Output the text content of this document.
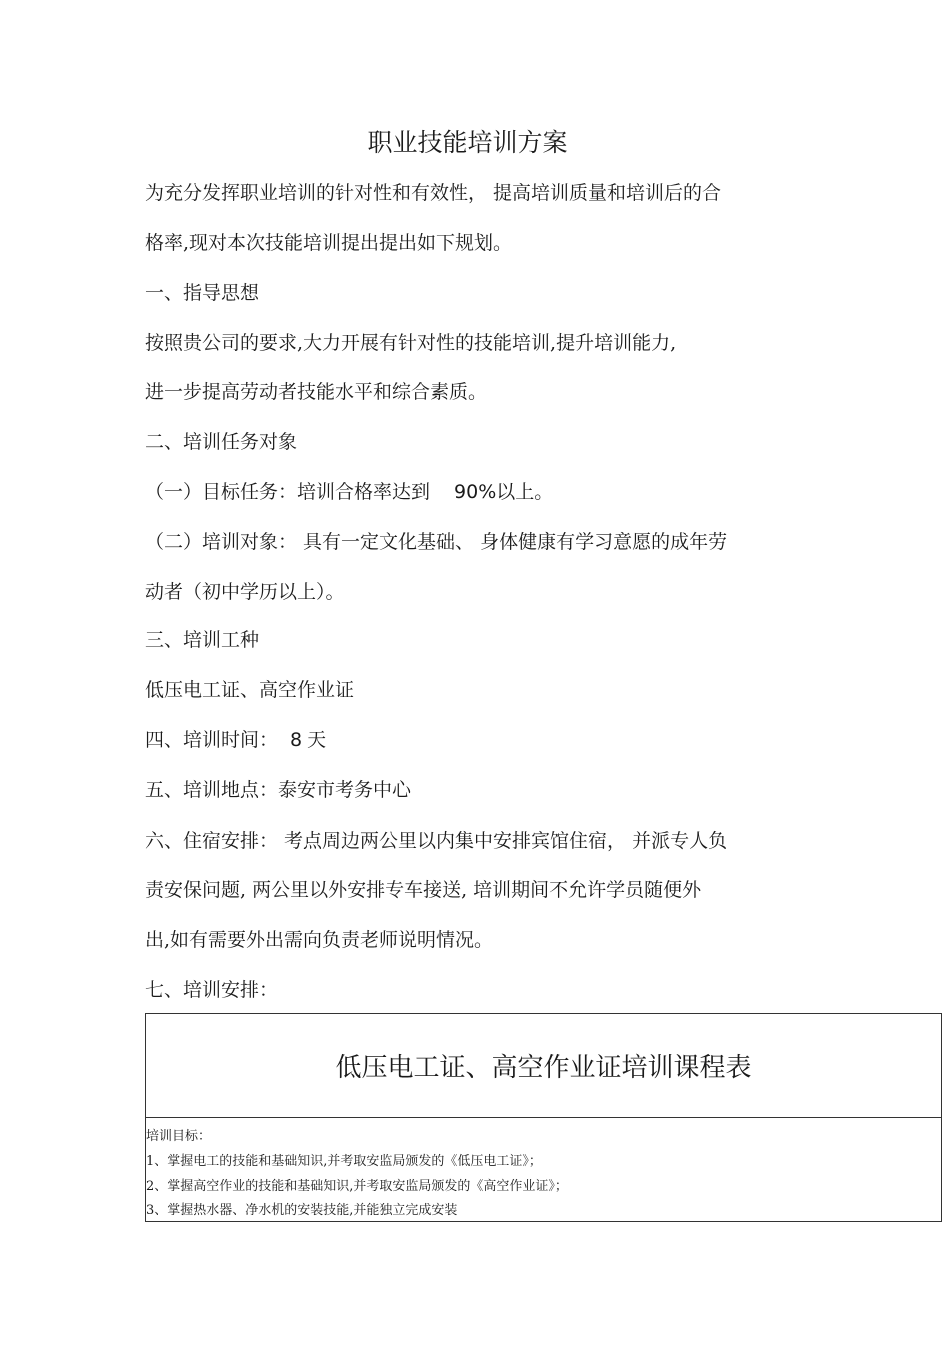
职业技能培训方案
为充分发挥职业培训的针对性和有效性， 提高培训质量和培训后的合
格率,现对本次技能培训提出提出如下规划。
一、指导思想
按照贵公司的要求,大力开展有针对性的技能培训,提升培训能力,
进一步提高劳动者技能水平和综合素质。
二、培训任务对象
（一）目标任务：培训合格率达到 90%以上。
（二）培训对象： 具有一定文化基础、 身体健康有学习意愿的成年劳
动者（初中学历以上）。
三、培训工种
低压电工证、高空作业证
四、培训时间： 8 天
五、培训地点：泰安市考务中心
六、住宿安排： 考点周边两公里以内集中安排宾馆住宿， 并派专人负
责安保问题, 两公里以外安排专车接送, 培训期间不允许学员随便外
出,如有需要外出需向负责老师说明情况。
七、培训安排：
低压电工证、高空作业证培训课程表
培训目标：
1、掌握电工的技能和基础知识,并考取安监局颁发的《低压电工证》；
2、掌握高空作业的技能和基础知识,并考取安监局颁发的《高空作业证》；
3、掌握热水器、净水机的安装技能,并能独立完成安装
